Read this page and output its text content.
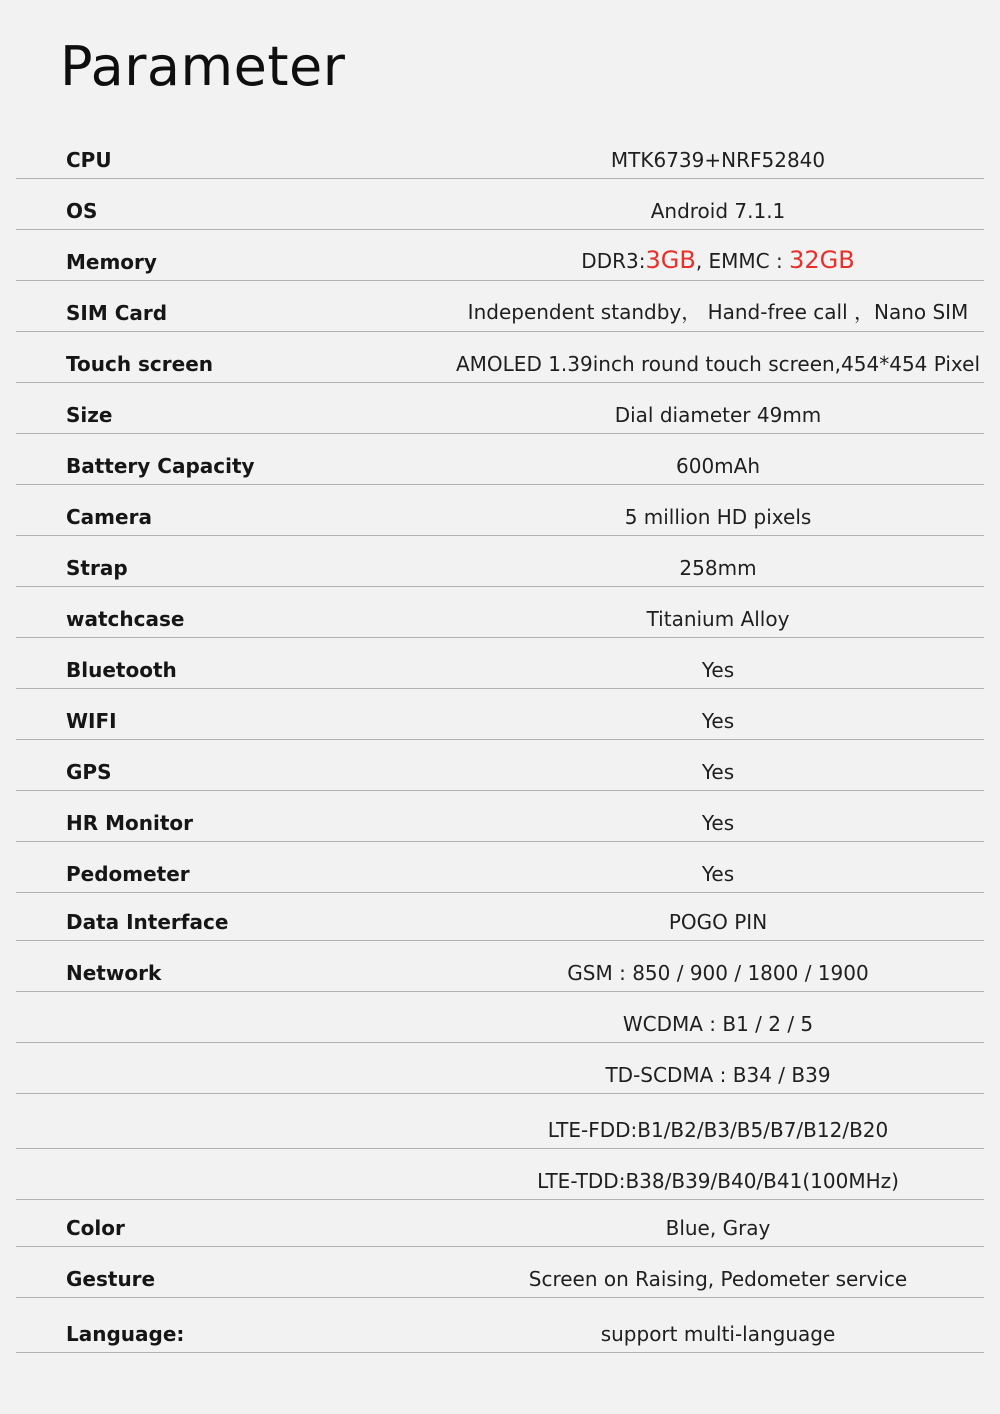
Parameter
CPU	MTK6739+NRF52840
OS	Android 7.1.1
Memory	DDR3:3GB, EMMC : 32GB
SIM Card	Independent standby， Hand-free call ，Nano SIM
Touch screen	AMOLED 1.39inch round touch screen,454*454 Pixel
Size	Dial diameter 49mm
Battery Capacity	600mAh
Camera	5 million HD pixels
Strap	258mm
watchcase	Titanium Alloy
Bluetooth	Yes
WIFI	Yes
GPS	Yes
HR Monitor	Yes
Pedometer	Yes
Data Interface	POGO PIN
Network	GSM : 850 / 900 / 1800 / 1900
WCDMA : B1 / 2 / 5
TD-SCDMA : B34 / B39
LTE-FDD:B1/B2/B3/B5/B7/B12/B20
LTE-TDD:B38/B39/B40/B41(100MHz)
Color	Blue, Gray
Gesture	Screen on Raising, Pedometer service
Language:	support multi-language
